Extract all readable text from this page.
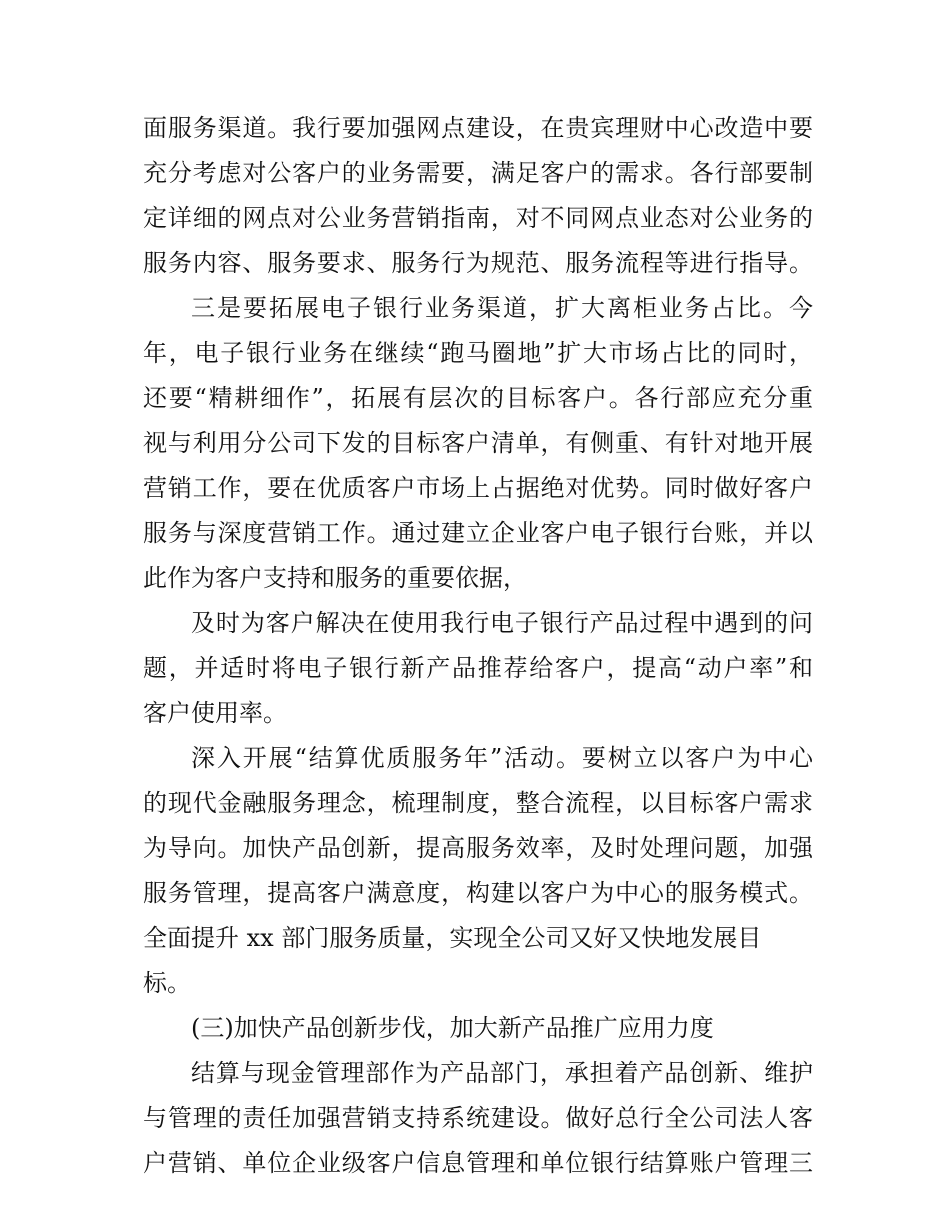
面服务渠道。我行要加强网点建设，在贵宾理财中心改造中要
充分考虑对公客户的业务需要，满足客户的需求。各行部要制
定详细的网点对公业务营销指南，对不同网点业态对公业务的
服务内容、服务要求、服务行为规范、服务流程等进行指导。
三是要拓展电子银行业务渠道，扩大离柜业务占比。今
年，电子银行业务在继续“跑马圈地”扩大市场占比的同时，
还要“精耕细作”，拓展有层次的目标客户。各行部应充分重
视与利用分公司下发的目标客户清单，有侧重、有针对地开展
营销工作，要在优质客户市场上占据绝对优势。同时做好客户
服务与深度营销工作。通过建立企业客户电子银行台账，并以
此作为客户支持和服务的重要依据，
及时为客户解决在使用我行电子银行产品过程中遇到的问
题，并适时将电子银行新产品推荐给客户，提高“动户率”和
客户使用率。
深入开展“结算优质服务年”活动。要树立以客户为中心
的现代金融服务理念，梳理制度，整合流程，以目标客户需求
为导向。加快产品创新，提高服务效率，及时处理问题，加强
服务管理，提高客户满意度，构建以客户为中心的服务模式。
全面提升 xx 部门服务质量，实现全公司又好又快地发展目
标。
(三)加快产品创新步伐，加大新产品推广应用力度
结算与现金管理部作为产品部门，承担着产品创新、维护
与管理的责任加强营销支持系统建设。做好总行全公司法人客
户营销、单位企业级客户信息管理和单位银行结算账户管理三
